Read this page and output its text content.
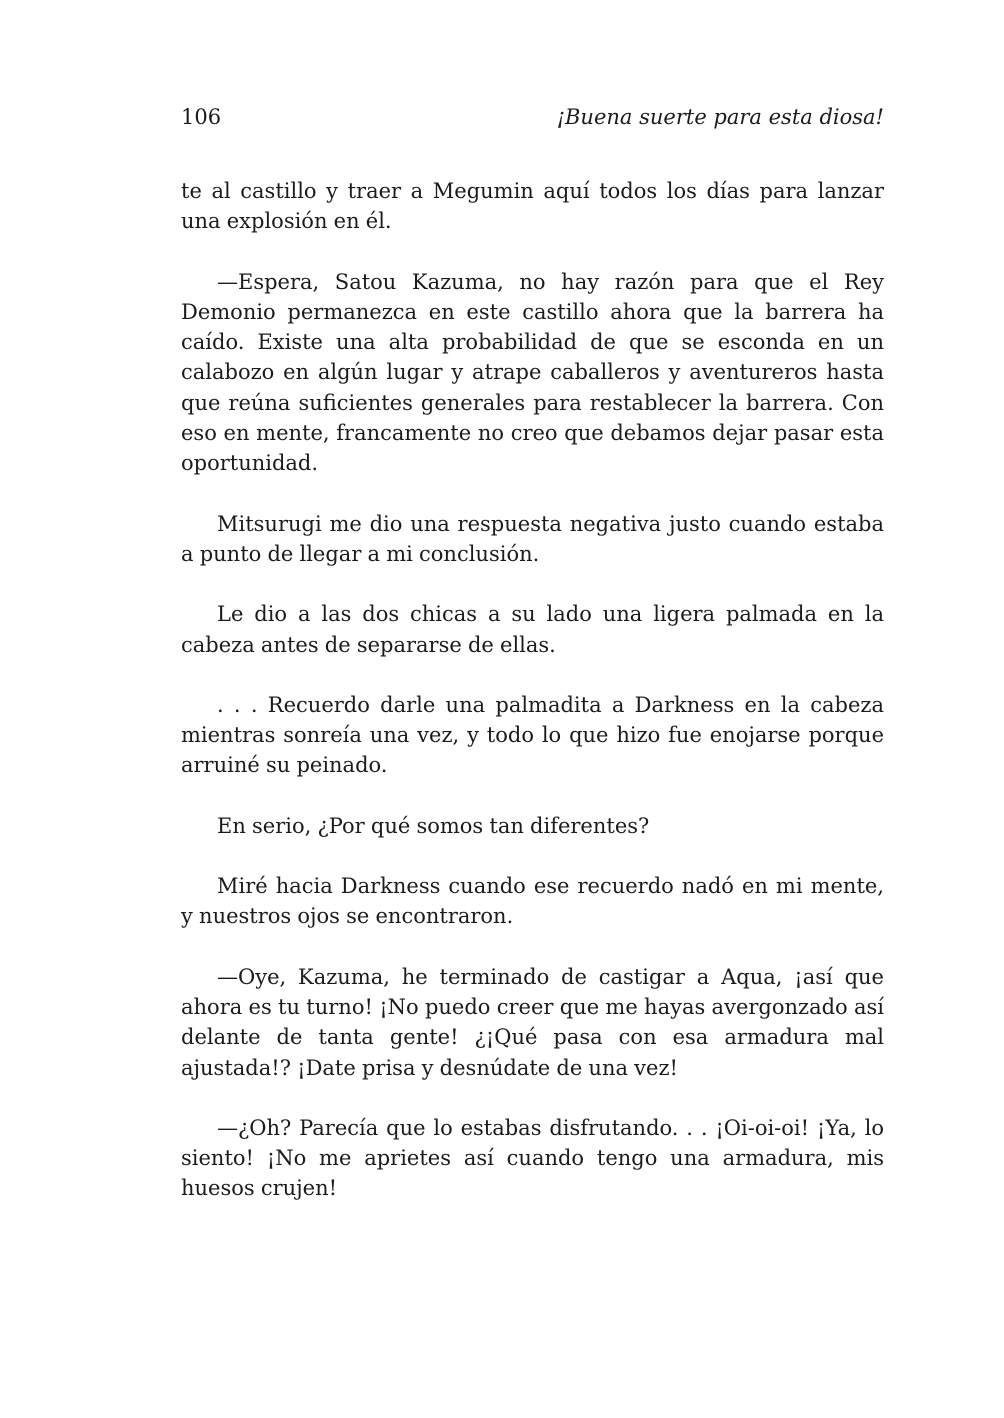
106	¡Buena suerte para esta diosa!

te al castillo y traer a Megumin aquí todos los días para lanzar una explosión en él.

—Espera, Satou Kazuma, no hay razón para que el Rey Demonio permanezca en este castillo ahora que la barrera ha caído. Existe una alta probabilidad de que se esconda en un calabozo en algún lugar y atrape caballeros y aventureros hasta que reúna suficientes generales para restablecer la barrera. Con eso en mente, francamente no creo que debamos dejar pasar esta oportunidad.

Mitsurugi me dio una respuesta negativa justo cuando estaba a punto de llegar a mi conclusión.

Le dio a las dos chicas a su lado una ligera palmada en la cabeza antes de separarse de ellas.

. . . Recuerdo darle una palmadita a Darkness en la cabeza mientras sonreía una vez, y todo lo que hizo fue enojarse porque arruiné su peinado.

En serio, ¿Por qué somos tan diferentes?

Miré hacia Darkness cuando ese recuerdo nadó en mi mente, y nuestros ojos se encontraron.

—Oye, Kazuma, he terminado de castigar a Aqua, ¡así que ahora es tu turno! ¡No puedo creer que me hayas avergonzado así delante de tanta gente! ¿¡Qué pasa con esa armadura mal ajustada!? ¡Date prisa y desnúdate de una vez!

—¿Oh? Parecía que lo estabas disfrutando. . . ¡Oi-oi-oi! ¡Ya, lo siento! ¡No me aprietes así cuando tengo una armadura, mis huesos crujen!
